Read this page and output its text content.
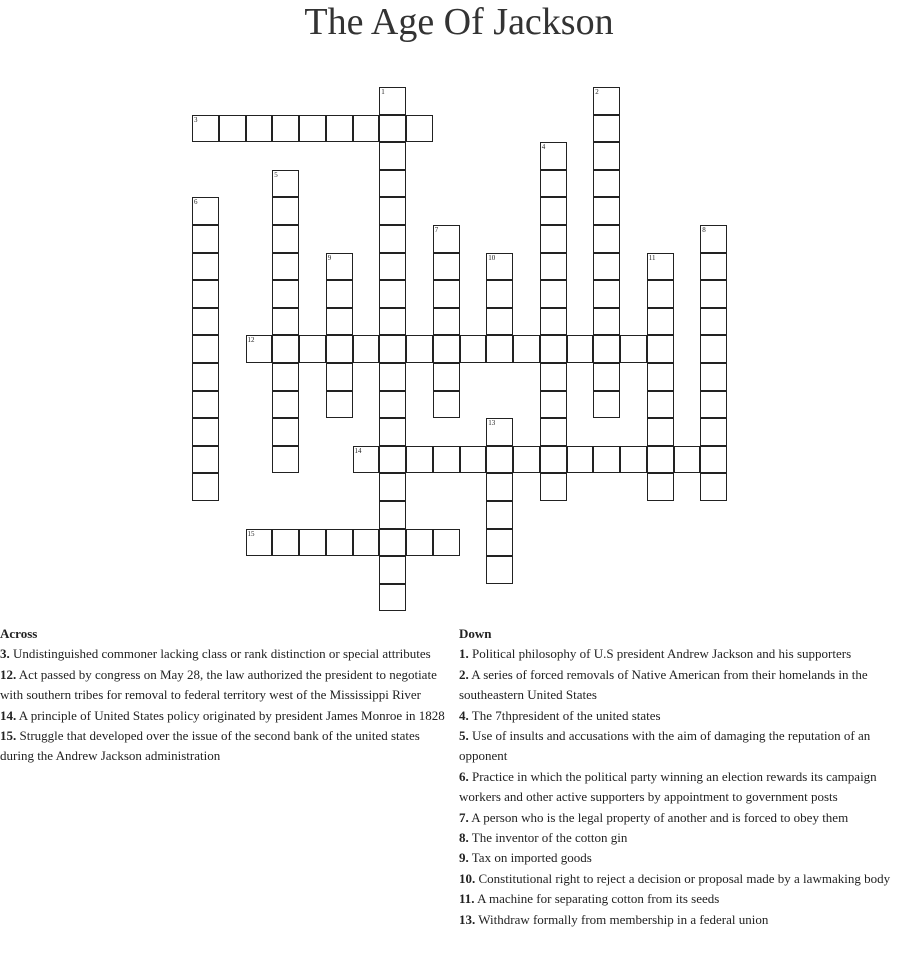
The Age Of Jackson
1	2
3
4
5
6
7	8
9	10	11
12
13
14
15
Across
3. Undistinguished commoner lacking class or rank distinction or special attributes
12. Act passed by congress on May 28, the law authorized the president to negotiate with southern tribes for removal to federal territory west of the Mississippi River
14. A principle of United States policy originated by president James Monroe in 1828
15. Struggle that developed over the issue of the second bank of the united states during the Andrew Jackson administration
Down
1. Political philosophy of U.S president Andrew Jackson and his supporters
2. A series of forced removals of Native American from their homelands in the southeastern United States
4. The 7thpresident of the united states
5. Use of insults and accusations with the aim of damaging the reputation of an opponent
6. Practice in which the political party winning an election rewards its campaign workers and other active supporters by appointment to government posts
7. A person who is the legal property of another and is forced to obey them
8. The inventor of the cotton gin
9. Tax on imported goods
10. Constitutional right to reject a decision or proposal made by a lawmaking body
11. A machine for separating cotton from its seeds
13. Withdraw formally from membership in a federal union
